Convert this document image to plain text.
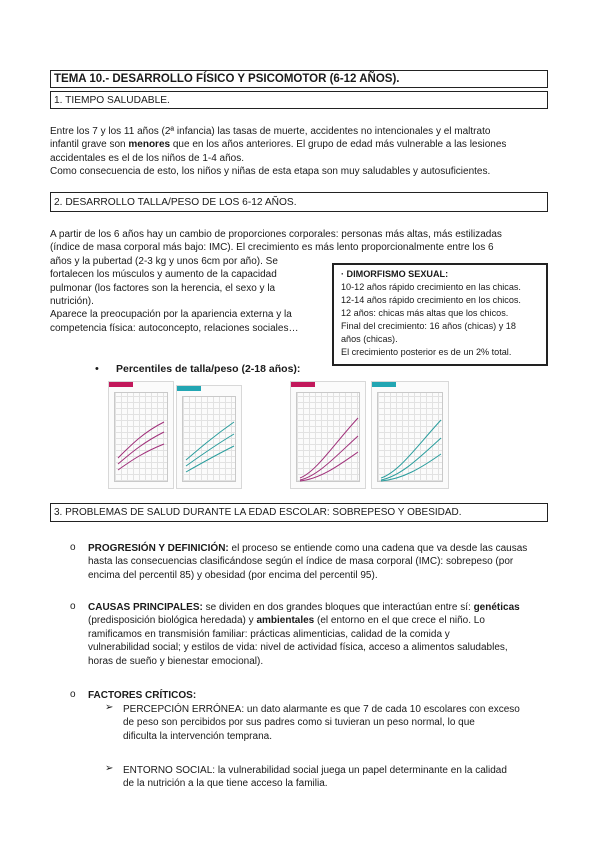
TEMA 10.- DESARROLLO FÍSICO Y PSICOMOTOR (6-12 AÑOS).
1. TIEMPO SALUDABLE.
Entre los 7 y los 11 años (2ª infancia) las tasas de muerte, accidentes no intencionales y el maltrato
infantil grave son menores que en los años anteriores. El grupo de edad más vulnerable a las lesiones
accidentales es el de los niños de 1-4 años.
Como consecuencia de esto, los niños y niñas de esta etapa son muy saludables y autosuficientes.
2. DESARROLLO TALLA/PESO DE LOS 6-12 AÑOS.
A partir de los 6 años hay un cambio de proporciones corporales: personas más altas, más estilizadas
(índice de masa corporal más bajo: IMC). El crecimiento es más lento proporcionalmente entre los 6
años y la pubertad (2-3 kg y unos 6cm por año). Se
fortalecen los músculos y aumento de la capacidad
pulmonar (los factores son la herencia, el sexo y la
nutrición).
Aparece la preocupación por la apariencia externa y la
competencia física: autoconcepto, relaciones sociales…
· DIMORFISMO SEXUAL:
10-12 años rápido crecimiento en las chicas.
12-14 años rápido crecimiento en los chicos.
12 años: chicas más altas que los chicos.
Final del crecimiento: 16 años (chicas) y 18
años (chicas).
El crecimiento posterior es de un 2% total.
• Percentiles de talla/peso (2-18 años):
3. PROBLEMAS DE SALUD DURANTE LA EDAD ESCOLAR: SOBREPESO Y OBESIDAD.
o PROGRESIÓN Y DEFINICIÓN: el proceso se entiende como una cadena que va desde las causas
hasta las consecuencias clasificándose según el índice de masa corporal (IMC): sobrepeso (por
encima del percentil 85) y obesidad (por encima del percentil 95).
o CAUSAS PRINCIPALES: se dividen en dos grandes bloques que interactúan entre sí: genéticas
(predisposición biológica heredada) y ambientales (el entorno en el que crece el niño. Lo
ramificamos en transmisión familiar: prácticas alimenticias, calidad de la comida y
vulnerabilidad social; y estilos de vida: nivel de actividad física, acceso a alimentos saludables,
horas de sueño y bienestar emocional).
o FACTORES CRÍTICOS:
➢ PERCEPCIÓN ERRÓNEA: un dato alarmante es que 7 de cada 10 escolares con exceso
de peso son percibidos por sus padres como si tuvieran un peso normal, lo que
dificulta la intervención temprana.
➢ ENTORNO SOCIAL: la vulnerabilidad social juega un papel determinante en la calidad
de la nutrición a la que tiene acceso la familia.
